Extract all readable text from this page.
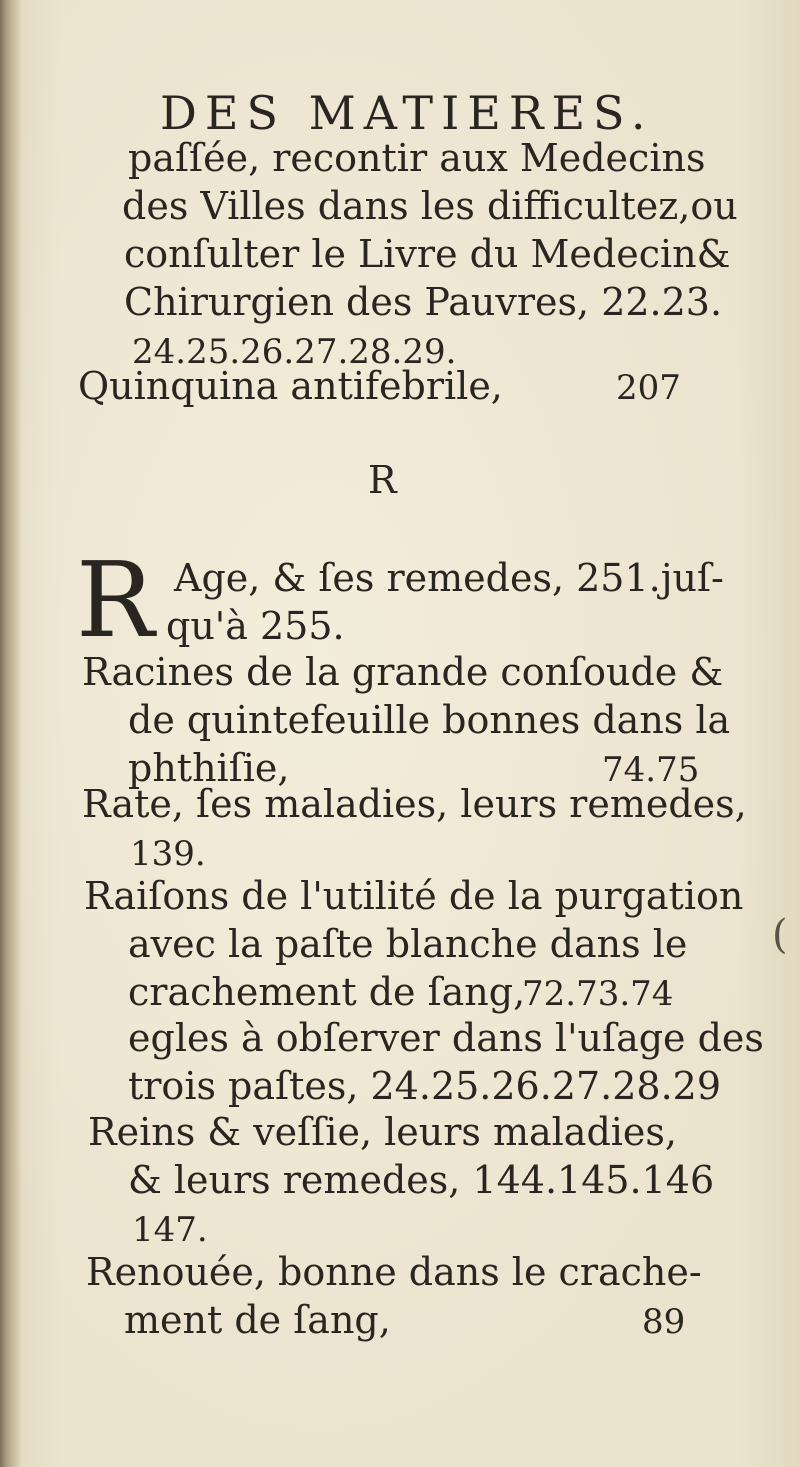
DES MATIERES.
paſſée, recontir aux Medecins
des Villes dans les difficultez,ou
conſulter le Livre du Medecin&
Chirurgien des Pauvres, 22.23.
24.25.26.27.28.29.
Quinquina antifebrile,	207
R
R Age, & ſes remedes, 251.juſ-
qu'à 255.
Racines de la grande conſoude &
de quintefeuille bonnes dans la
phthiſie,	74.75
Rate, ſes maladies, leurs remedes,
139.
Raiſons de l'utilité de la purgation
avec la paſte blanche dans le
crachement de ſang,
72.73.74
egles à obſerver dans l'uſage des
trois paſtes, 24.25.26.27.28.29
Reins & veſſie, leurs maladies,
& leurs remedes, 144.145.146
147.
Renouée, bonne dans le crache-
ment de ſang,	89
(
